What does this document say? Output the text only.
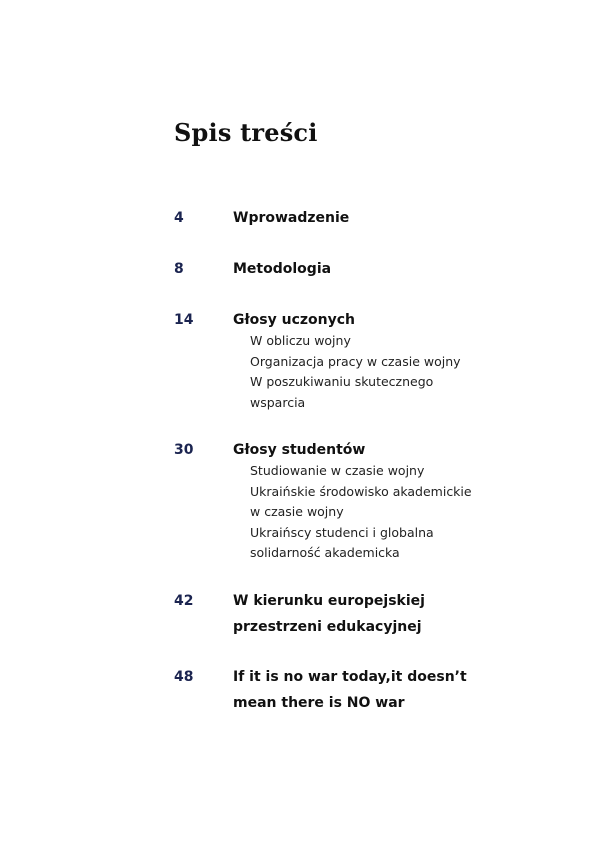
Spis treści
4	Wprowadzenie
8	Metodologia
14	Głosy uczonych
W obliczu wojny
Organizacja pracy w czasie wojny
W poszukiwaniu skutecznego
wsparcia
30	Głosy studentów
Studiowanie w czasie wojny
Ukraińskie środowisko akademickie
w czasie wojny
Ukraińscy studenci i globalna
solidarność akademicka
42	W kierunku europejskiej
przestrzeni edukacyjnej
48	If it is no war today,it doesn’t
mean there is NO war
